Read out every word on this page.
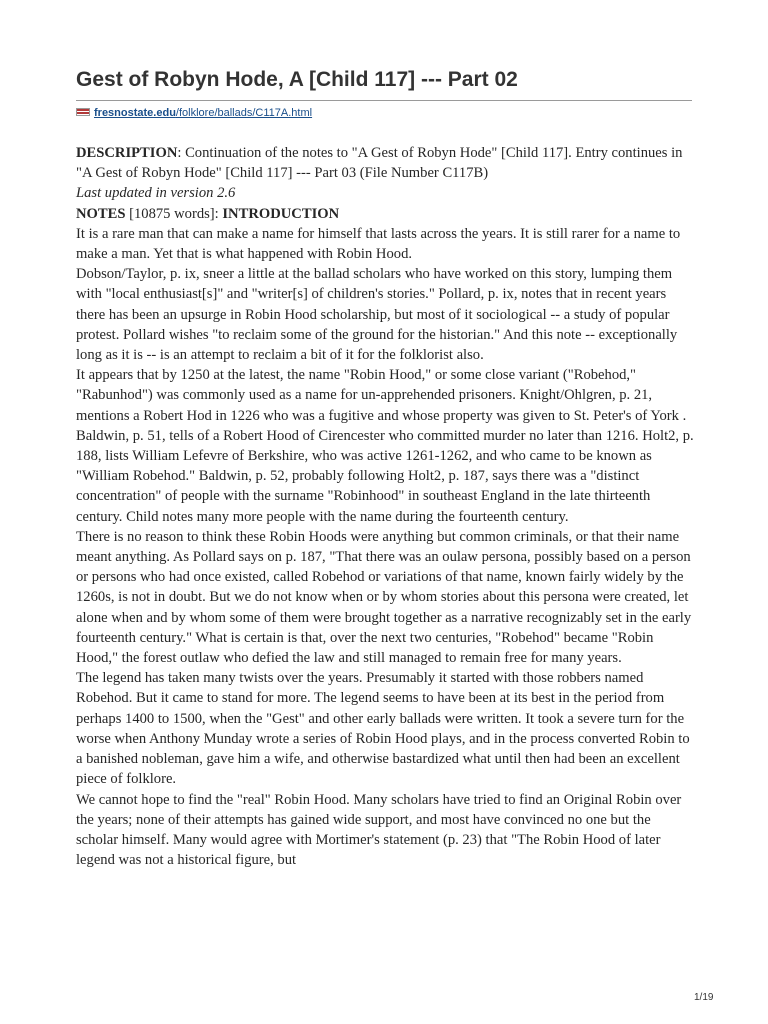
Gest of Robyn Hode, A [Child 117] --- Part 02
fresnostate.edu/folklore/ballads/C117A.html

DESCRIPTION: Continuation of the notes to "A Gest of Robyn Hode" [Child 117]. Entry continues in "A Gest of Robyn Hode" [Child 117] --- Part 03 (File Number C117B)

Last updated in version 2.6

NOTES [10875 words]: INTRODUCTION

It is a rare man that can make a name for himself that lasts across the years. It is still rarer for a name to make a man. Yet that is what happened with Robin Hood.

Dobson/Taylor, p. ix, sneer a little at the ballad scholars who have worked on this story, lumping them with "local enthusiast[s]" and "writer[s] of children's stories." Pollard, p. ix, notes that in recent years there has been an upsurge in Robin Hood scholarship, but most of it sociological -- a study of popular protest. Pollard wishes "to reclaim some of the ground for the historian." And this note -- exceptionally long as it is -- is an attempt to reclaim a bit of it for the folklorist also.

It appears that by 1250 at the latest, the name "Robin Hood," or some close variant ("Robehod," "Rabunhod") was commonly used as a name for un-apprehended prisoners. Knight/Ohlgren, p. 21, mentions a Robert Hod in 1226 who was a fugitive and whose property was given to St. Peter's of York . Baldwin, p. 51, tells of a Robert Hood of Cirencester who committed murder no later than 1216. Holt2, p. 188, lists William Lefevre of Berkshire, who was active 1261-1262, and who came to be known as "William Robehod." Baldwin, p. 52, probably following Holt2, p. 187, says there was a "distinct concentration" of people with the surname "Robinhood" in southeast England in the late thirteenth century. Child notes many more people with the name during the fourteenth century.

There is no reason to think these Robin Hoods were anything but common criminals, or that their name meant anything. As Pollard says on p. 187, "That there was an oulaw persona, possibly based on a person or persons who had once existed, called Robehod or variations of that name, known fairly widely by the 1260s, is not in doubt. But we do not know when or by whom stories about this persona were created, let alone when and by whom some of them were brought together as a narrative recognizably set in the early fourteenth century." What is certain is that, over the next two centuries, "Robehod" became "Robin Hood," the forest outlaw who defied the law and still managed to remain free for many years.

The legend has taken many twists over the years. Presumably it started with those robbers named Robehod. But it came to stand for more. The legend seems to have been at its best in the period from perhaps 1400 to 1500, when the "Gest" and other early ballads were written. It took a severe turn for the worse when Anthony Munday wrote a series of Robin Hood plays, and in the process converted Robin to a banished nobleman, gave him a wife, and otherwise bastardized what until then had been an excellent piece of folklore.

We cannot hope to find the "real" Robin Hood. Many scholars have tried to find an Original Robin over the years; none of their attempts has gained wide support, and most have convinced no one but the scholar himself. Many would agree with Mortimer's statement (p. 23) that "The Robin Hood of later legend was not a historical figure, but

1/19
